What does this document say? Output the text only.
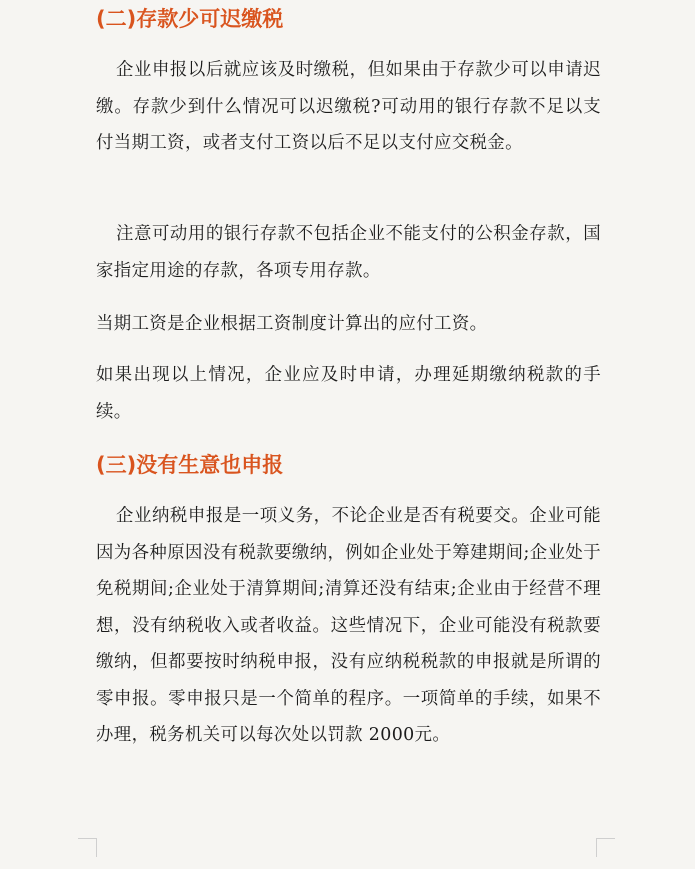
(二)存款少可迟缴税

企业申报以后就应该及时缴税，但如果由于存款少可以申请迟缴。存款少到什么情况可以迟缴税?可动用的银行存款不足以支付当期工资，或者支付工资以后不足以支付应交税金。

注意可动用的银行存款不包括企业不能支付的公积金存款，国家指定用途的存款，各项专用存款。

当期工资是企业根据工资制度计算出的应付工资。

如果出现以上情况，企业应及时申请，办理延期缴纳税款的手续。

(三)没有生意也申报

企业纳税申报是一项义务，不论企业是否有税要交。企业可能因为各种原因没有税款要缴纳，例如企业处于筹建期间;企业处于免税期间;企业处于清算期间;清算还没有结束;企业由于经营不理想，没有纳税收入或者收益。这些情况下，企业可能没有税款要缴纳，但都要按时纳税申报，没有应纳税税款的申报就是所谓的零申报。零申报只是一个简单的程序。一项简单的手续，如果不办理，税务机关可以每次处以罚款 2000元。
